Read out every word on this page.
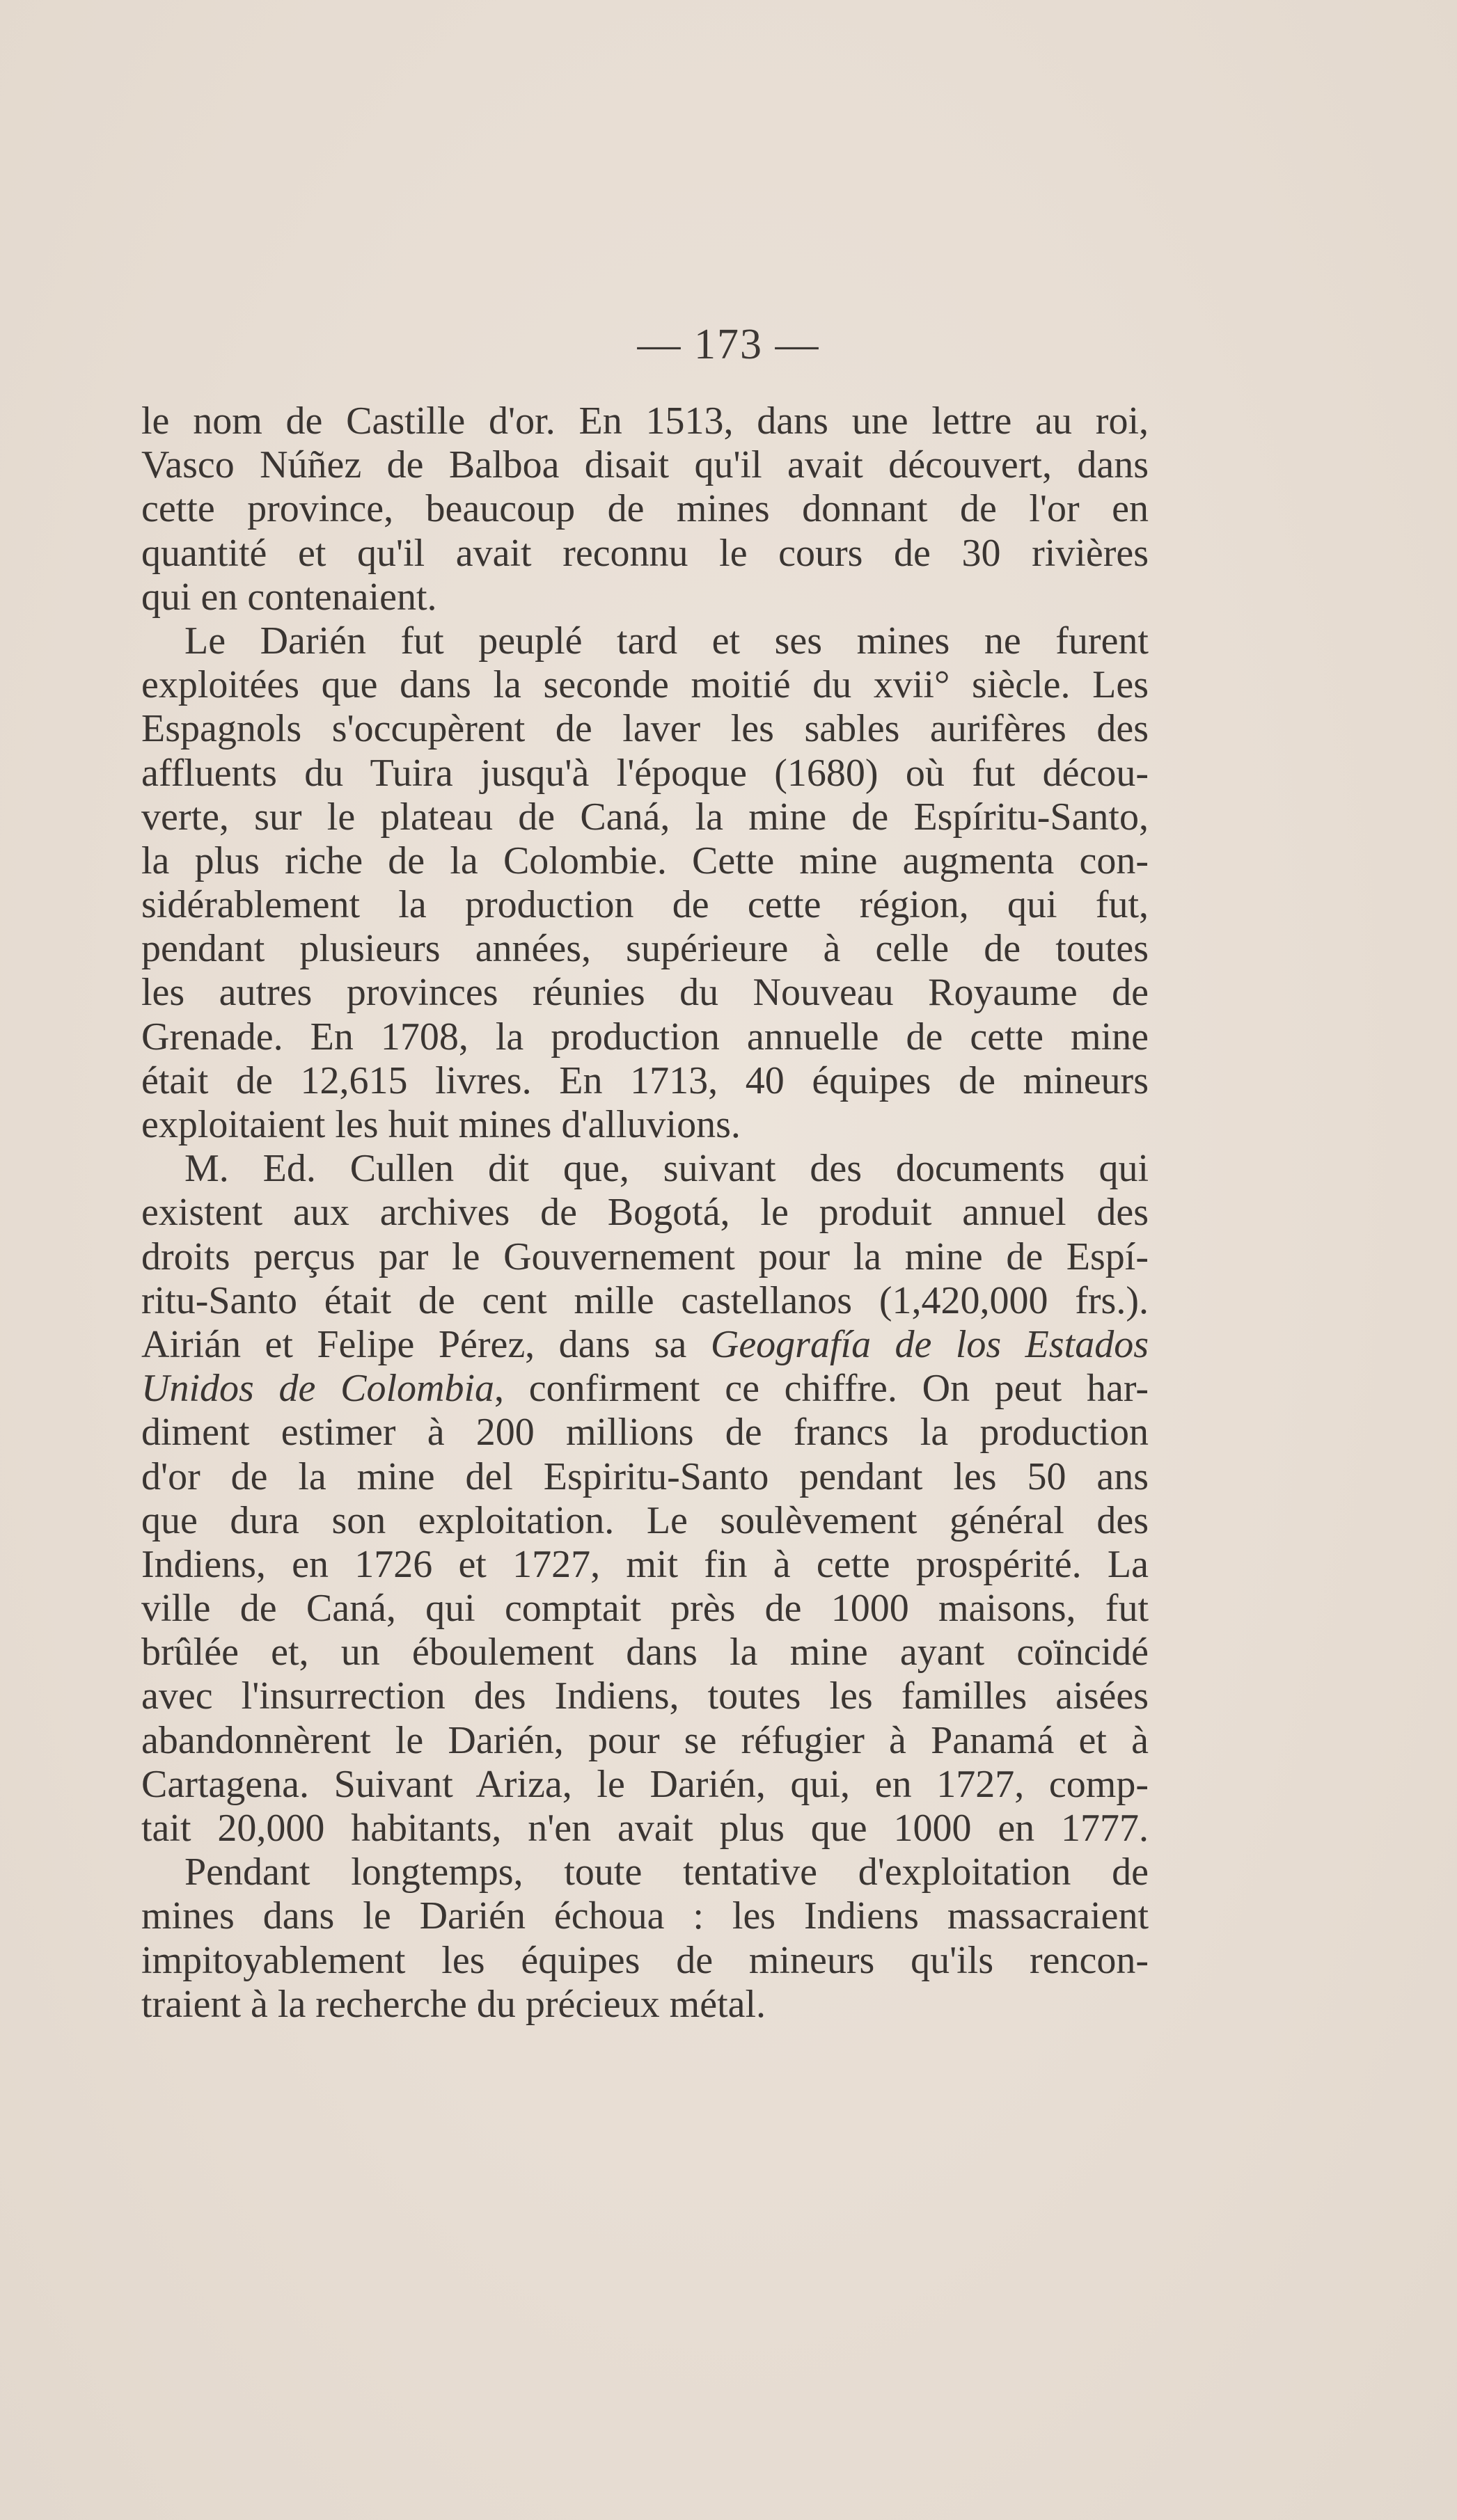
— 173 —
le nom de Castille d'or. En 1513, dans une lettre au roi,
Vasco Núñez de Balboa disait qu'il avait découvert, dans
cette province, beaucoup de mines donnant de l'or en
quantité et qu'il avait reconnu le cours de 30 rivières
qui en contenaient.
Le Darién fut peuplé tard et ses mines ne furent
exploitées que dans la seconde moitié du xvii° siècle. Les
Espagnols s'occupèrent de laver les sables aurifères des
affluents du Tuira jusqu'à l'époque (1680) où fut décou-
verte, sur le plateau de Caná, la mine de Espíritu-Santo,
la plus riche de la Colombie. Cette mine augmenta con-
sidérablement la production de cette région, qui fut,
pendant plusieurs années, supérieure à celle de toutes
les autres provinces réunies du Nouveau Royaume de
Grenade. En 1708, la production annuelle de cette mine
était de 12,615 livres. En 1713, 40 équipes de mineurs
exploitaient les huit mines d'alluvions.
M. Ed. Cullen dit que, suivant des documents qui
existent aux archives de Bogotá, le produit annuel des
droits perçus par le Gouvernement pour la mine de Espí-
ritu-Santo était de cent mille castellanos (1,420,000 frs.).
Airián et Felipe Pérez, dans sa Geografía de los Estados
Unidos de Colombia, confirment ce chiffre. On peut har-
diment estimer à 200 millions de francs la production
d'or de la mine del Espiritu-Santo pendant les 50 ans
que dura son exploitation. Le soulèvement général des
Indiens, en 1726 et 1727, mit fin à cette prospérité. La
ville de Caná, qui comptait près de 1000 maisons, fut
brûlée et, un éboulement dans la mine ayant coïncidé
avec l'insurrection des Indiens, toutes les familles aisées
abandonnèrent le Darién, pour se réfugier à Panamá et à
Cartagena. Suivant Ariza, le Darién, qui, en 1727, comp-
tait 20,000 habitants, n'en avait plus que 1000 en 1777.
Pendant longtemps, toute tentative d'exploitation de
mines dans le Darién échoua : les Indiens massacraient
impitoyablement les équipes de mineurs qu'ils rencon-
traient à la recherche du précieux métal.
